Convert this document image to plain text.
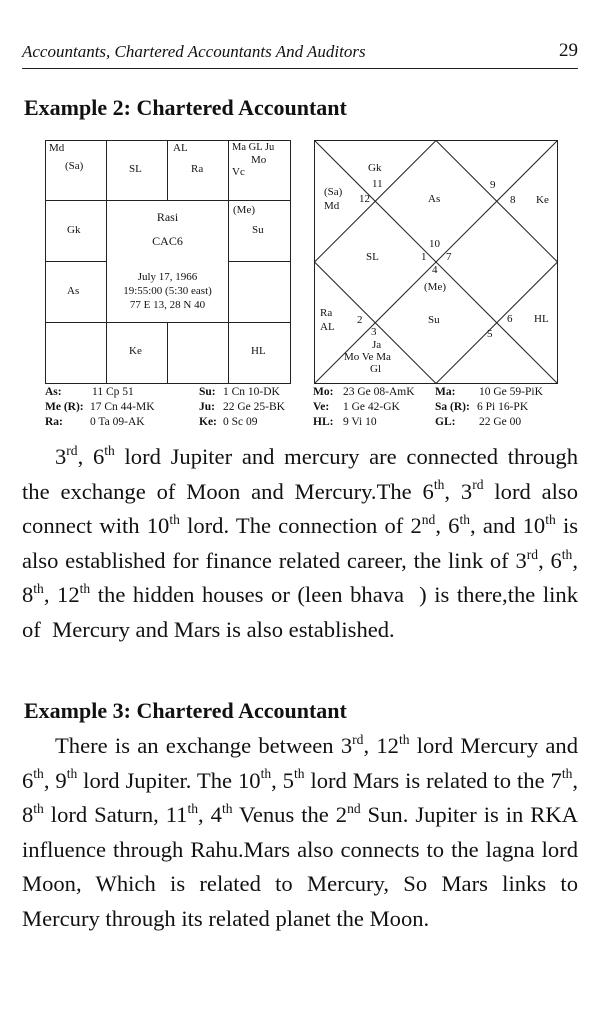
Accountants, Chartered Accountants And Auditors	29
Example 2: Chartered Accountant
Md
(Sa)	SL
AL
Ra
Ma GL Ju
Mo
Vc
Gk
(Me)
Su
As
Ke	HL
Rasi
CAC6
July 17, 1966
19:55:00 (5:30 east)
77 E 13, 28 N 40
Gk
11
(Sa)
Md
12	As
9
8 Ke
10
SL	1 7
4
(Me)
Ra
AL
2
3
Su
5
6 HL
Ja
Mo Ve Ma
Gl
As:	11 Cp 51
Me (R): 17 Cn 44-MK
Ra: 0 Ta 09-AK
Su: 1 Cn 10-DK
Ju: 22 Ge 25-BK
Ke: 0 Sc 09
Mo: 23 Ge 08-AmK
Ve: 1 Ge 42-GK
HL: 9 Vi 10
Ma: 10 Ge 59-PiK
Sa (R): 6 Pi 16-PK
GL: 22 Ge 00

3rd, 6th lord Jupiter and mercury are connected through the exchange of Moon and Mercury.The 6th, 3rd lord also connect with 10th lord. The connection of 2nd, 6th, and 10th is also established for finance related career, the link of 3rd, 6th, 8th, 12th the hidden houses or (leen bhava  ) is there,the link of  Mercury and Mars is also established.

Example 3: Chartered Accountant

There is an exchange between 3rd, 12th lord Mercury and 6th, 9th lord Jupiter. The 10th, 5th lord Mars is related to the 7th, 8th lord Saturn, 11th, 4th Venus the 2nd Sun. Jupiter is in RKA influence through Rahu.Mars also connects to the lagna lord Moon, Which is related to Mercury, So Mars links to Mercury through its related planet the Moon.
